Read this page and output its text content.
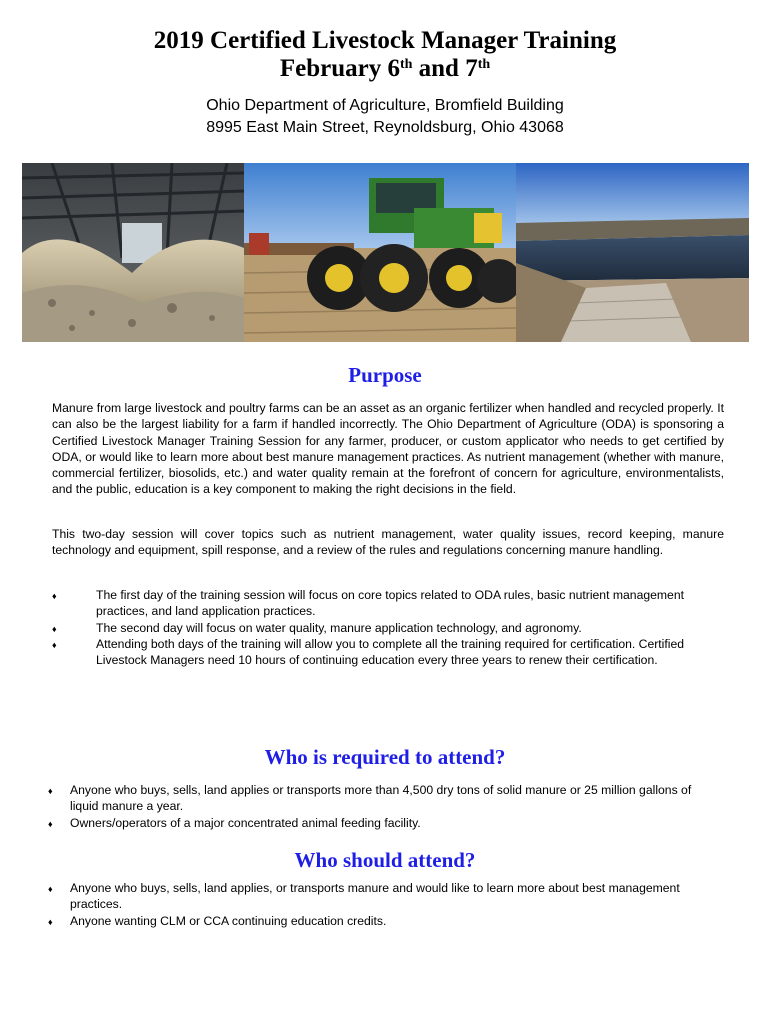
2019 Certified Livestock Manager Training
February 6th and 7th
Ohio Department of Agriculture, Bromfield Building
8995 East Main Street, Reynoldsburg, Ohio 43068
Purpose

Manure from large livestock and poultry farms can be an asset as an organic fertilizer when handled and recycled properly. It can also be the largest liability for a farm if handled incorrectly. The Ohio Department of Agriculture (ODA) is sponsoring a Certified Livestock Manager Training Session for any farmer, producer, or custom applicator who needs to get certified by ODA, or would like to learn more about best manure management practices. As nutrient management (whether with manure, commercial fertilizer, biosolids, etc.) and water quality remain at the forefront of concern for agriculture, environmentalists, and the public, education is a key component to making the right decisions in the field.

This two-day session will cover topics such as nutrient management, water quality issues, record keeping, manure technology and equipment, spill response, and a review of the rules and regulations concerning manure handling.

♦	The first day of the training session will focus on core topics related to ODA rules, basic nutrient management practices, and land application practices.
♦	The second day will focus on water quality, manure application technology, and agronomy.
♦	Attending both days of the training will allow you to complete all the training required for certification. Certified Livestock Managers need 10 hours of continuing education every three years to renew their certification.
Who is required to attend?
♦ Anyone who buys, sells, land applies or transports more than 4,500 dry tons of solid manure or 25 million gallons of liquid manure a year.
♦ Owners/operators of a major concentrated animal feeding facility.
Who should attend?
♦ Anyone who buys, sells, land applies, or transports manure and would like to learn more about best management practices.
♦ Anyone wanting CLM or CCA continuing education credits.
